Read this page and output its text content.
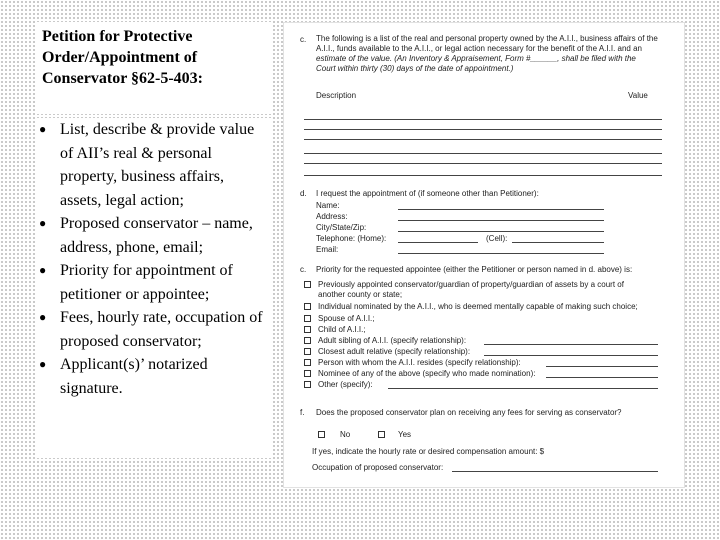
Petition for Protective
Order/Appointment of
Conservator §62-5-403:
● List, describe & provide value of AII’s real & personal property, business affairs, assets, legal action;
● Proposed conservator – name, address, phone, email;
● Priority for appointment of petitioner or appointee;
● Fees, hourly rate, occupation of proposed conservator;
● Applicant(s)’ notarized signature.
c. The following is a list of the real and personal property owned by the A.I.I., business affairs of the
A.I.I., funds available to the A.I.I., or legal action necessary for the benefit of the A.I.I. and an
estimate of the value. (An Inventory & Appraisement, Form #______, shall be filed with the
Court within thirty (30) days of the date of appointment.)
Description	Value
d. I request the appointment of (if someone other than Petitioner):
Name:
Address:
City/State/Zip:
Telephone: (Home):	(Cell):
Email:
c. Priority for the requested appointee (either the Petitioner or person named in d. above) is:
Previously appointed conservator/guardian of property/guardian of assets by a court of
another county or state;
Individual nominated by the A.I.I., who is deemed mentally capable of making such choice;
Spouse of A.I.I.;
Child of A.I.I.;
Adult sibling of A.I.I. (specify relationship):
Closest adult relative (specify relationship):
Person with whom the A.I.I. resides (specify relationship):
Nominee of any of the above (specify who made nomination):
Other (specify):
f. Does the proposed conservator plan on receiving any fees for serving as conservator?
No	Yes
If yes, indicate the hourly rate or desired compensation amount: $
Occupation of proposed conservator:
